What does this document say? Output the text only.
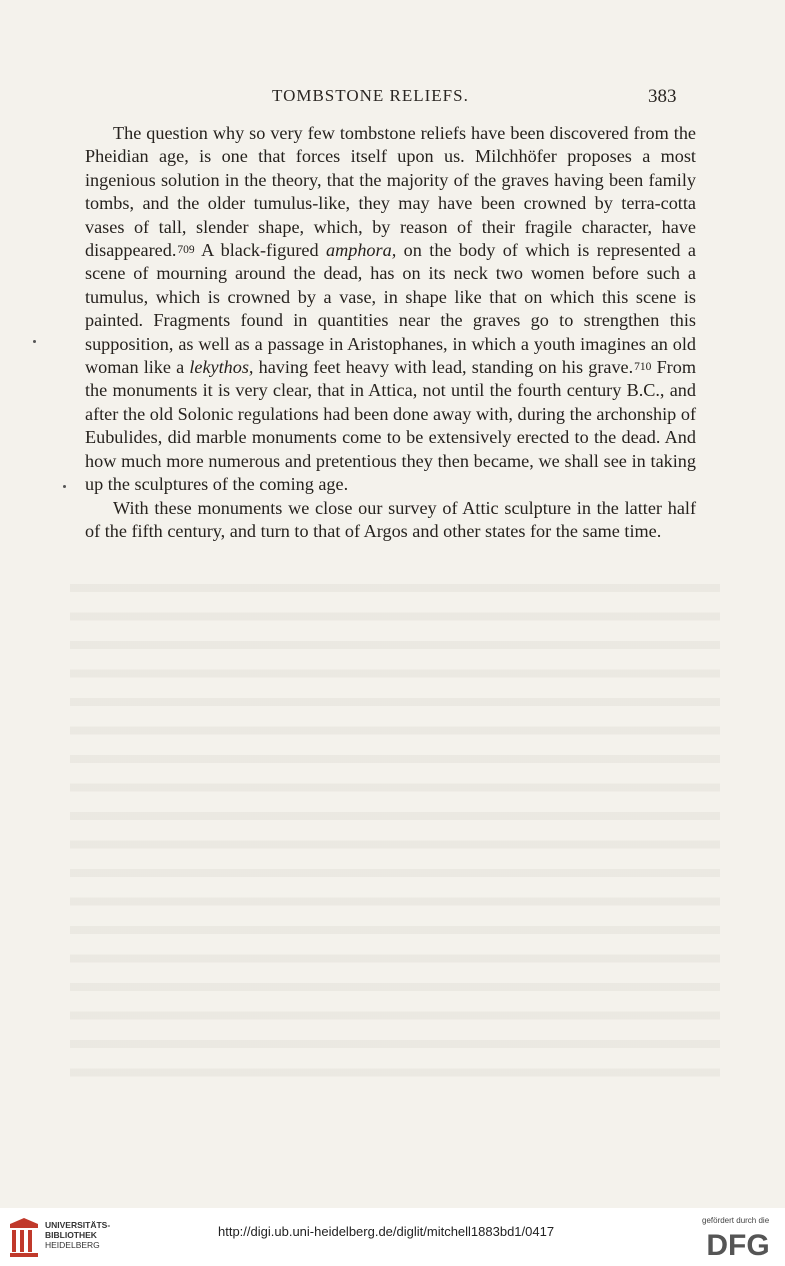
TOMBSTONE RELIEFS.	383

The question why so very few tombstone reliefs have been discovered from the Pheidian age, is one that forces itself upon us. Milchhöfer proposes a most ingenious solution in the theory, that the majority of the graves having been family tombs, and the older tumulus-like, they may have been crowned by terra-cotta vases of tall, slender shape, which, by reason of their fragile character, have disappeared.$^{709}$ A black-figured amphora, on the body of which is represented a scene of mourning around the dead, has on its neck two women before such a tumulus, which is crowned by a vase, in shape like that on which this scene is painted. Fragments found in quantities near the graves go to strengthen this supposition, as well as a passage in Aristophanes, in which a youth imagines an old woman like a lekythos, having feet heavy with lead, standing on his grave.$^{710}$ From the monuments it is very clear, that in Attica, not until the fourth century B.C., and after the old Solonic regulations had been done away with, during the archonship of Eubulides, did marble monuments come to be extensively erected to the dead. And how much more numerous and pretentious they then became, we shall see in taking up the sculptures of the coming age.

With these monuments we close our survey of Attic sculpture in the latter half of the fifth century, and turn to that of Argos and other states for the same time.

UNIVERSITÄTS-
BIBLIOTHEK
HEIDELBERG
http://digi.ub.uni-heidelberg.de/diglit/mitchell1883bd1/0417
gefördert durch die
DFG
